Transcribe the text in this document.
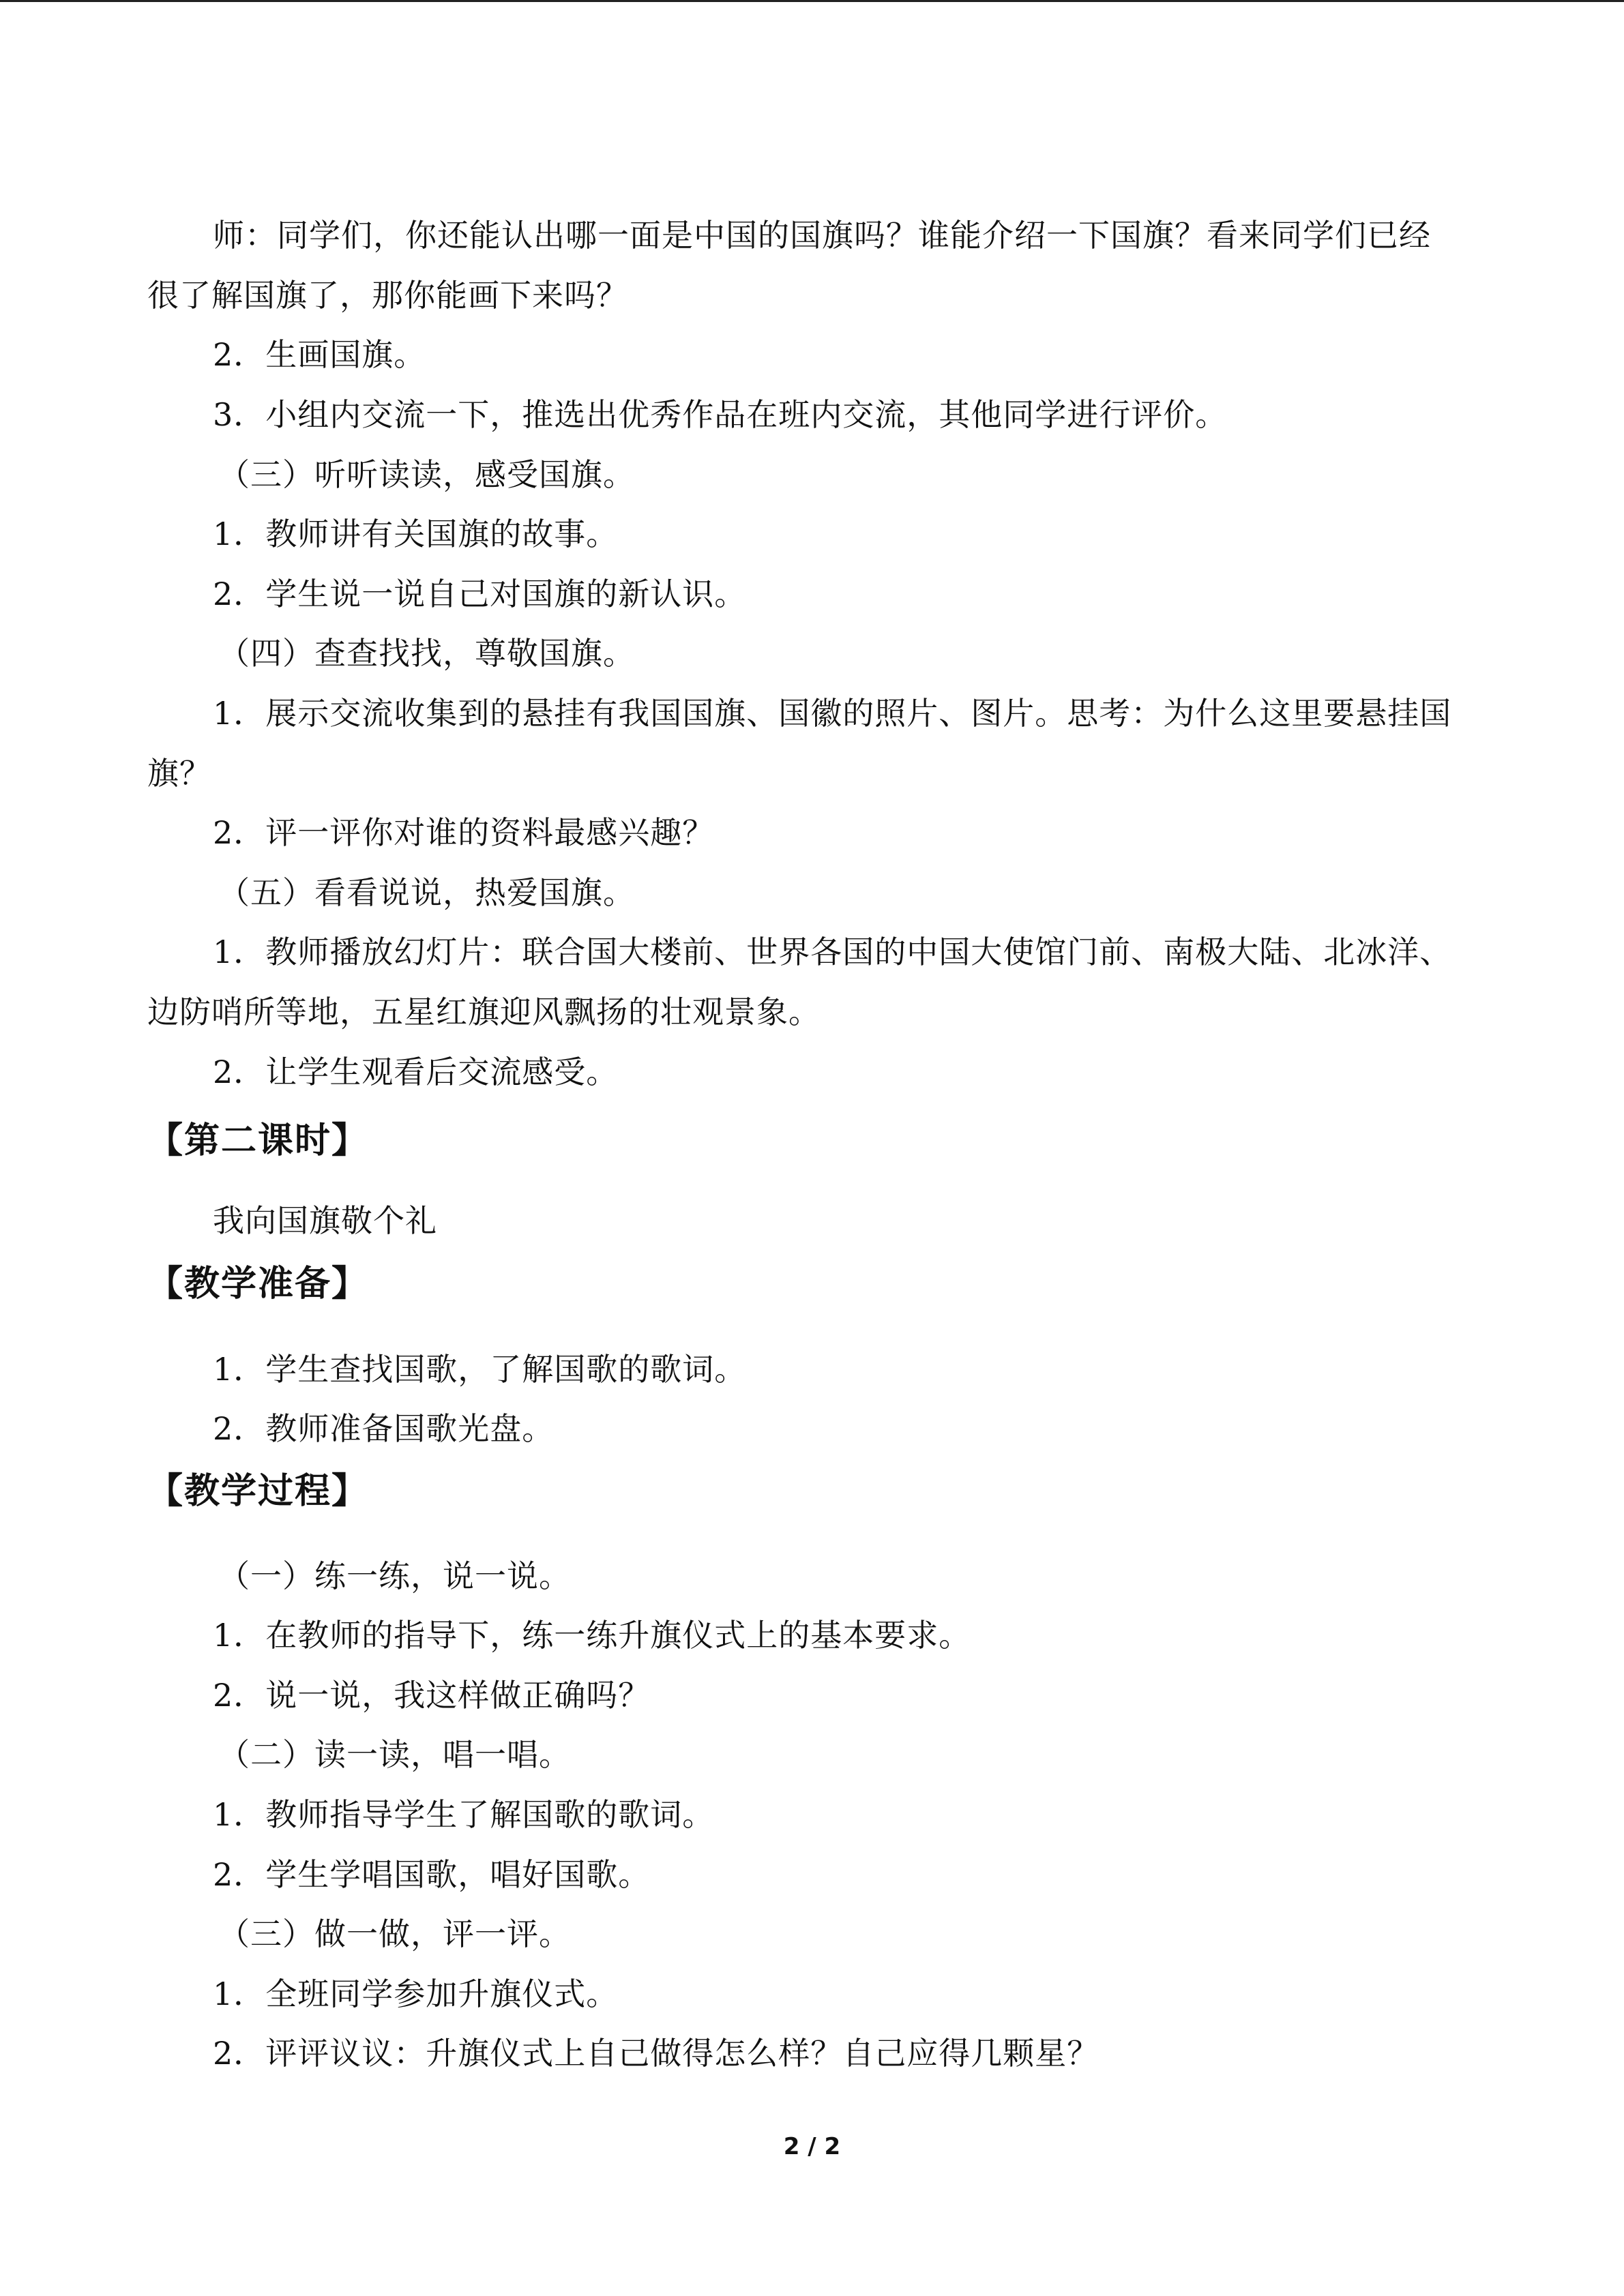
师：同学们，你还能认出哪一面是中国的国旗吗？谁能介绍一下国旗？看来同学们已经
很了解国旗了，那你能画下来吗？
2．生画国旗。
3．小组内交流一下，推选出优秀作品在班内交流，其他同学进行评价。
（三）听听读读，感受国旗。
1．教师讲有关国旗的故事。
2．学生说一说自己对国旗的新认识。
（四）查查找找，尊敬国旗。
1．展示交流收集到的悬挂有我国国旗、国徽的照片、图片。思考：为什么这里要悬挂国
旗？
2．评一评你对谁的资料最感兴趣？
（五）看看说说，热爱国旗。
1．教师播放幻灯片：联合国大楼前、世界各国的中国大使馆门前、南极大陆、北冰洋、
边防哨所等地，五星红旗迎风飘扬的壮观景象。
2．让学生观看后交流感受。
【第二课时】
我向国旗敬个礼
【教学准备】
1．学生查找国歌，了解国歌的歌词。
2．教师准备国歌光盘。
【教学过程】
（一）练一练，说一说。
1．在教师的指导下，练一练升旗仪式上的基本要求。
2．说一说，我这样做正确吗？
（二）读一读，唱一唱。
1．教师指导学生了解国歌的歌词。
2．学生学唱国歌，唱好国歌。
（三）做一做，评一评。
1．全班同学参加升旗仪式。
2．评评议议：升旗仪式上自己做得怎么样？自己应得几颗星？
2 / 2
